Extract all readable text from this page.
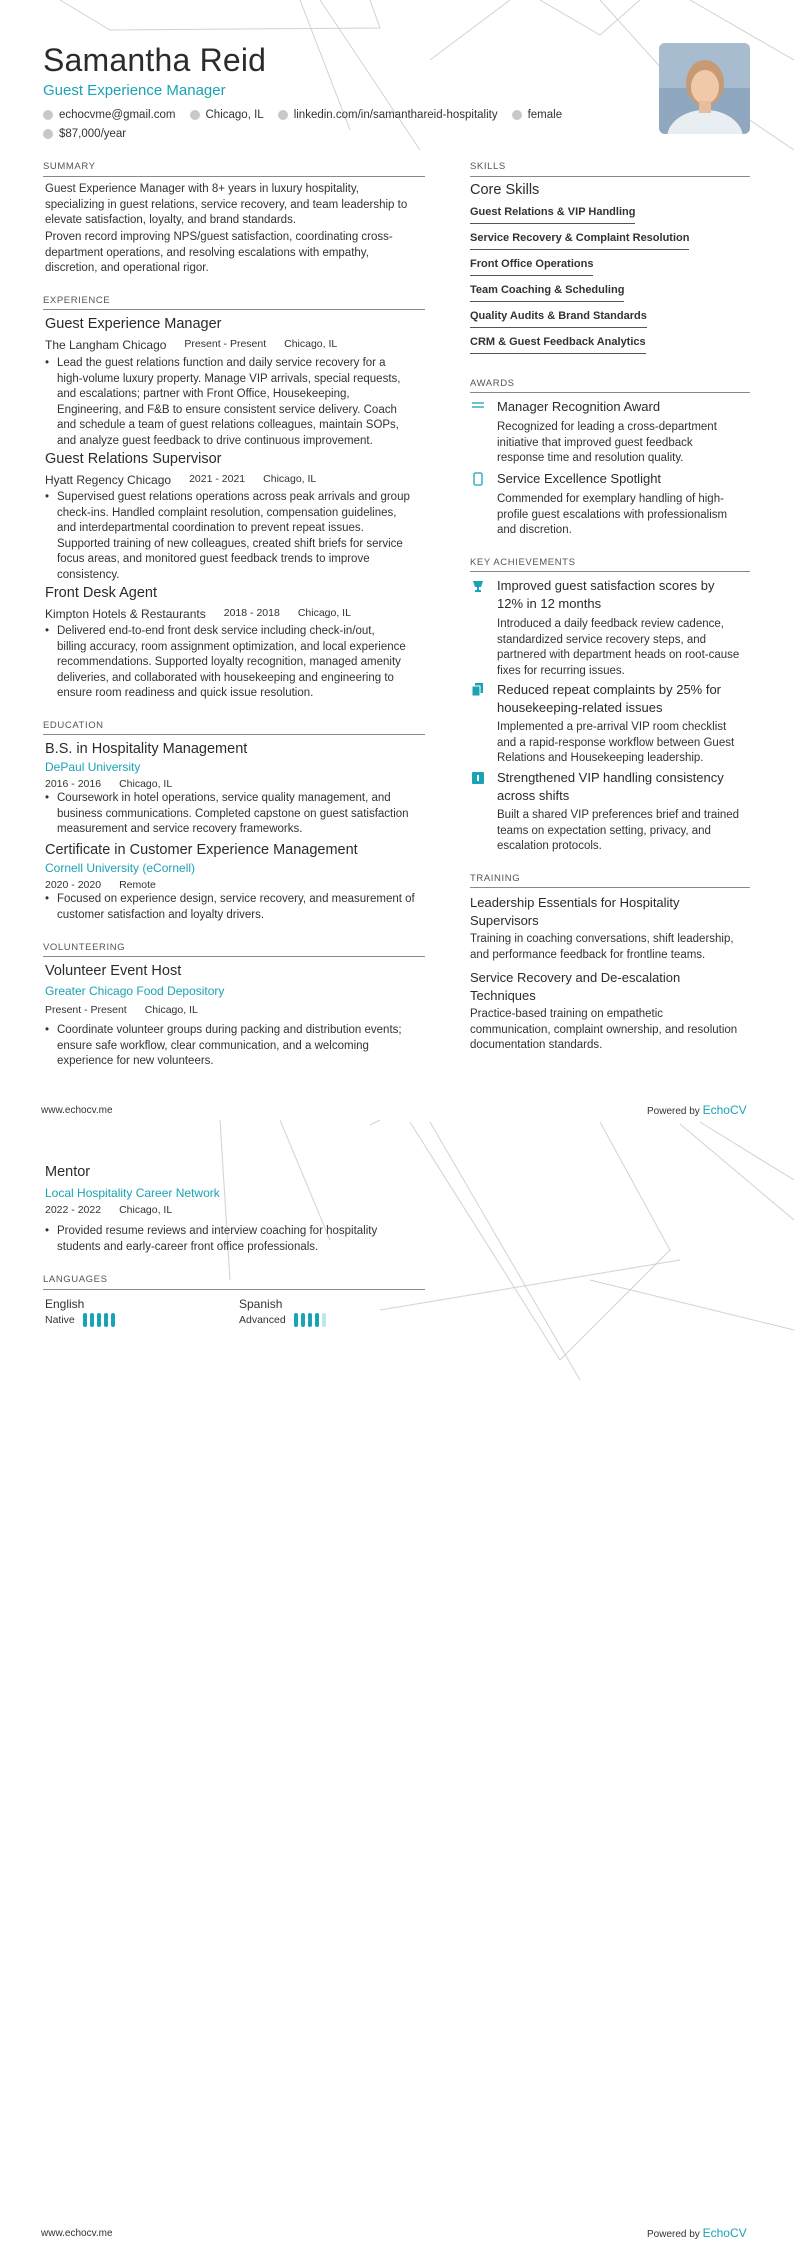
Samantha Reid
Guest Experience Manager
echocvme@gmail.com	Chicago, IL	linkedin.com/in/samanthareid-hospitality	female
$87,000/year
SUMMARY
Guest Experience Manager with 8+ years in luxury hospitality,
specializing in guest relations, service recovery, and team leadership to
elevate satisfaction, loyalty, and brand standards.
Proven record improving NPS/guest satisfaction, coordinating cross-
department operations, and resolving escalations with empathy,
discretion, and operational rigor.
EXPERIENCE
Guest Experience Manager
The Langham Chicago Present - Present Chicago, IL
• Lead the guest relations function and daily service recovery for a
high-volume luxury property. Manage VIP arrivals, special requests,
and escalations; partner with Front Office, Housekeeping,
Engineering, and F&B to ensure consistent service delivery. Coach
and schedule a team of guest relations colleagues, maintain SOPs,
and analyze guest feedback to drive continuous improvement.
Guest Relations Supervisor
Hyatt Regency Chicago 2021 - 2021 Chicago, IL
• Supervised guest relations operations across peak arrivals and group
check-ins. Handled complaint resolution, compensation guidelines,
and interdepartmental coordination to prevent repeat issues.
Supported training of new colleagues, created shift briefs for service
focus areas, and monitored guest feedback trends to improve
consistency.
Front Desk Agent
Kimpton Hotels & Restaurants 2018 - 2018 Chicago, IL
• Delivered end-to-end front desk service including check-in/out,
billing accuracy, room assignment optimization, and local experience
recommendations. Supported loyalty recognition, managed amenity
deliveries, and collaborated with housekeeping and engineering to
ensure room readiness and quick issue resolution.
EDUCATION
B.S. in Hospitality Management
DePaul University
2016 - 2016 Chicago, IL
• Coursework in hotel operations, service quality management, and
business communications. Completed capstone on guest satisfaction
measurement and service recovery frameworks.
Certificate in Customer Experience Management
Cornell University (eCornell)
2020 - 2020 Remote
• Focused on experience design, service recovery, and measurement of
customer satisfaction and loyalty drivers.
VOLUNTEERING
Volunteer Event Host
Greater Chicago Food Depository
Present - Present Chicago, IL
• Coordinate volunteer groups during packing and distribution events;
ensure safe workflow, clear communication, and a welcoming
experience for new volunteers.
SKILLS
Core Skills
Guest Relations & VIP Handling
Service Recovery & Complaint Resolution
Front Office Operations
Team Coaching & Scheduling
Quality Audits & Brand Standards
CRM & Guest Feedback Analytics
AWARDS
Manager Recognition Award
Recognized for leading a cross-department
initiative that improved guest feedback
response time and resolution quality.
Service Excellence Spotlight
Commended for exemplary handling of high-
profile guest escalations with professionalism
and discretion.
KEY ACHIEVEMENTS
Improved guest satisfaction scores by
12% in 12 months
Introduced a daily feedback review cadence,
standardized service recovery steps, and
partnered with department heads on root-cause
fixes for recurring issues.
Reduced repeat complaints by 25% for
housekeeping-related issues
Implemented a pre-arrival VIP room checklist
and a rapid-response workflow between Guest
Relations and Housekeeping leadership.
Strengthened VIP handling consistency
across shifts
Built a shared VIP preferences brief and trained
teams on expectation setting, privacy, and
escalation protocols.
TRAINING
Leadership Essentials for Hospitality
Supervisors
Training in coaching conversations, shift leadership,
and performance feedback for frontline teams.
Service Recovery and De-escalation
Techniques
Practice-based training on empathetic
communication, complaint ownership, and resolution
documentation standards.
www.echocv.me	Powered by EchoCV
Mentor
Local Hospitality Career Network
2022 - 2022 Chicago, IL
• Provided resume reviews and interview coaching for hospitality
students and early-career front office professionals.
LANGUAGES
English
Native
Spanish
Advanced
www.echocv.me	Powered by EchoCV
